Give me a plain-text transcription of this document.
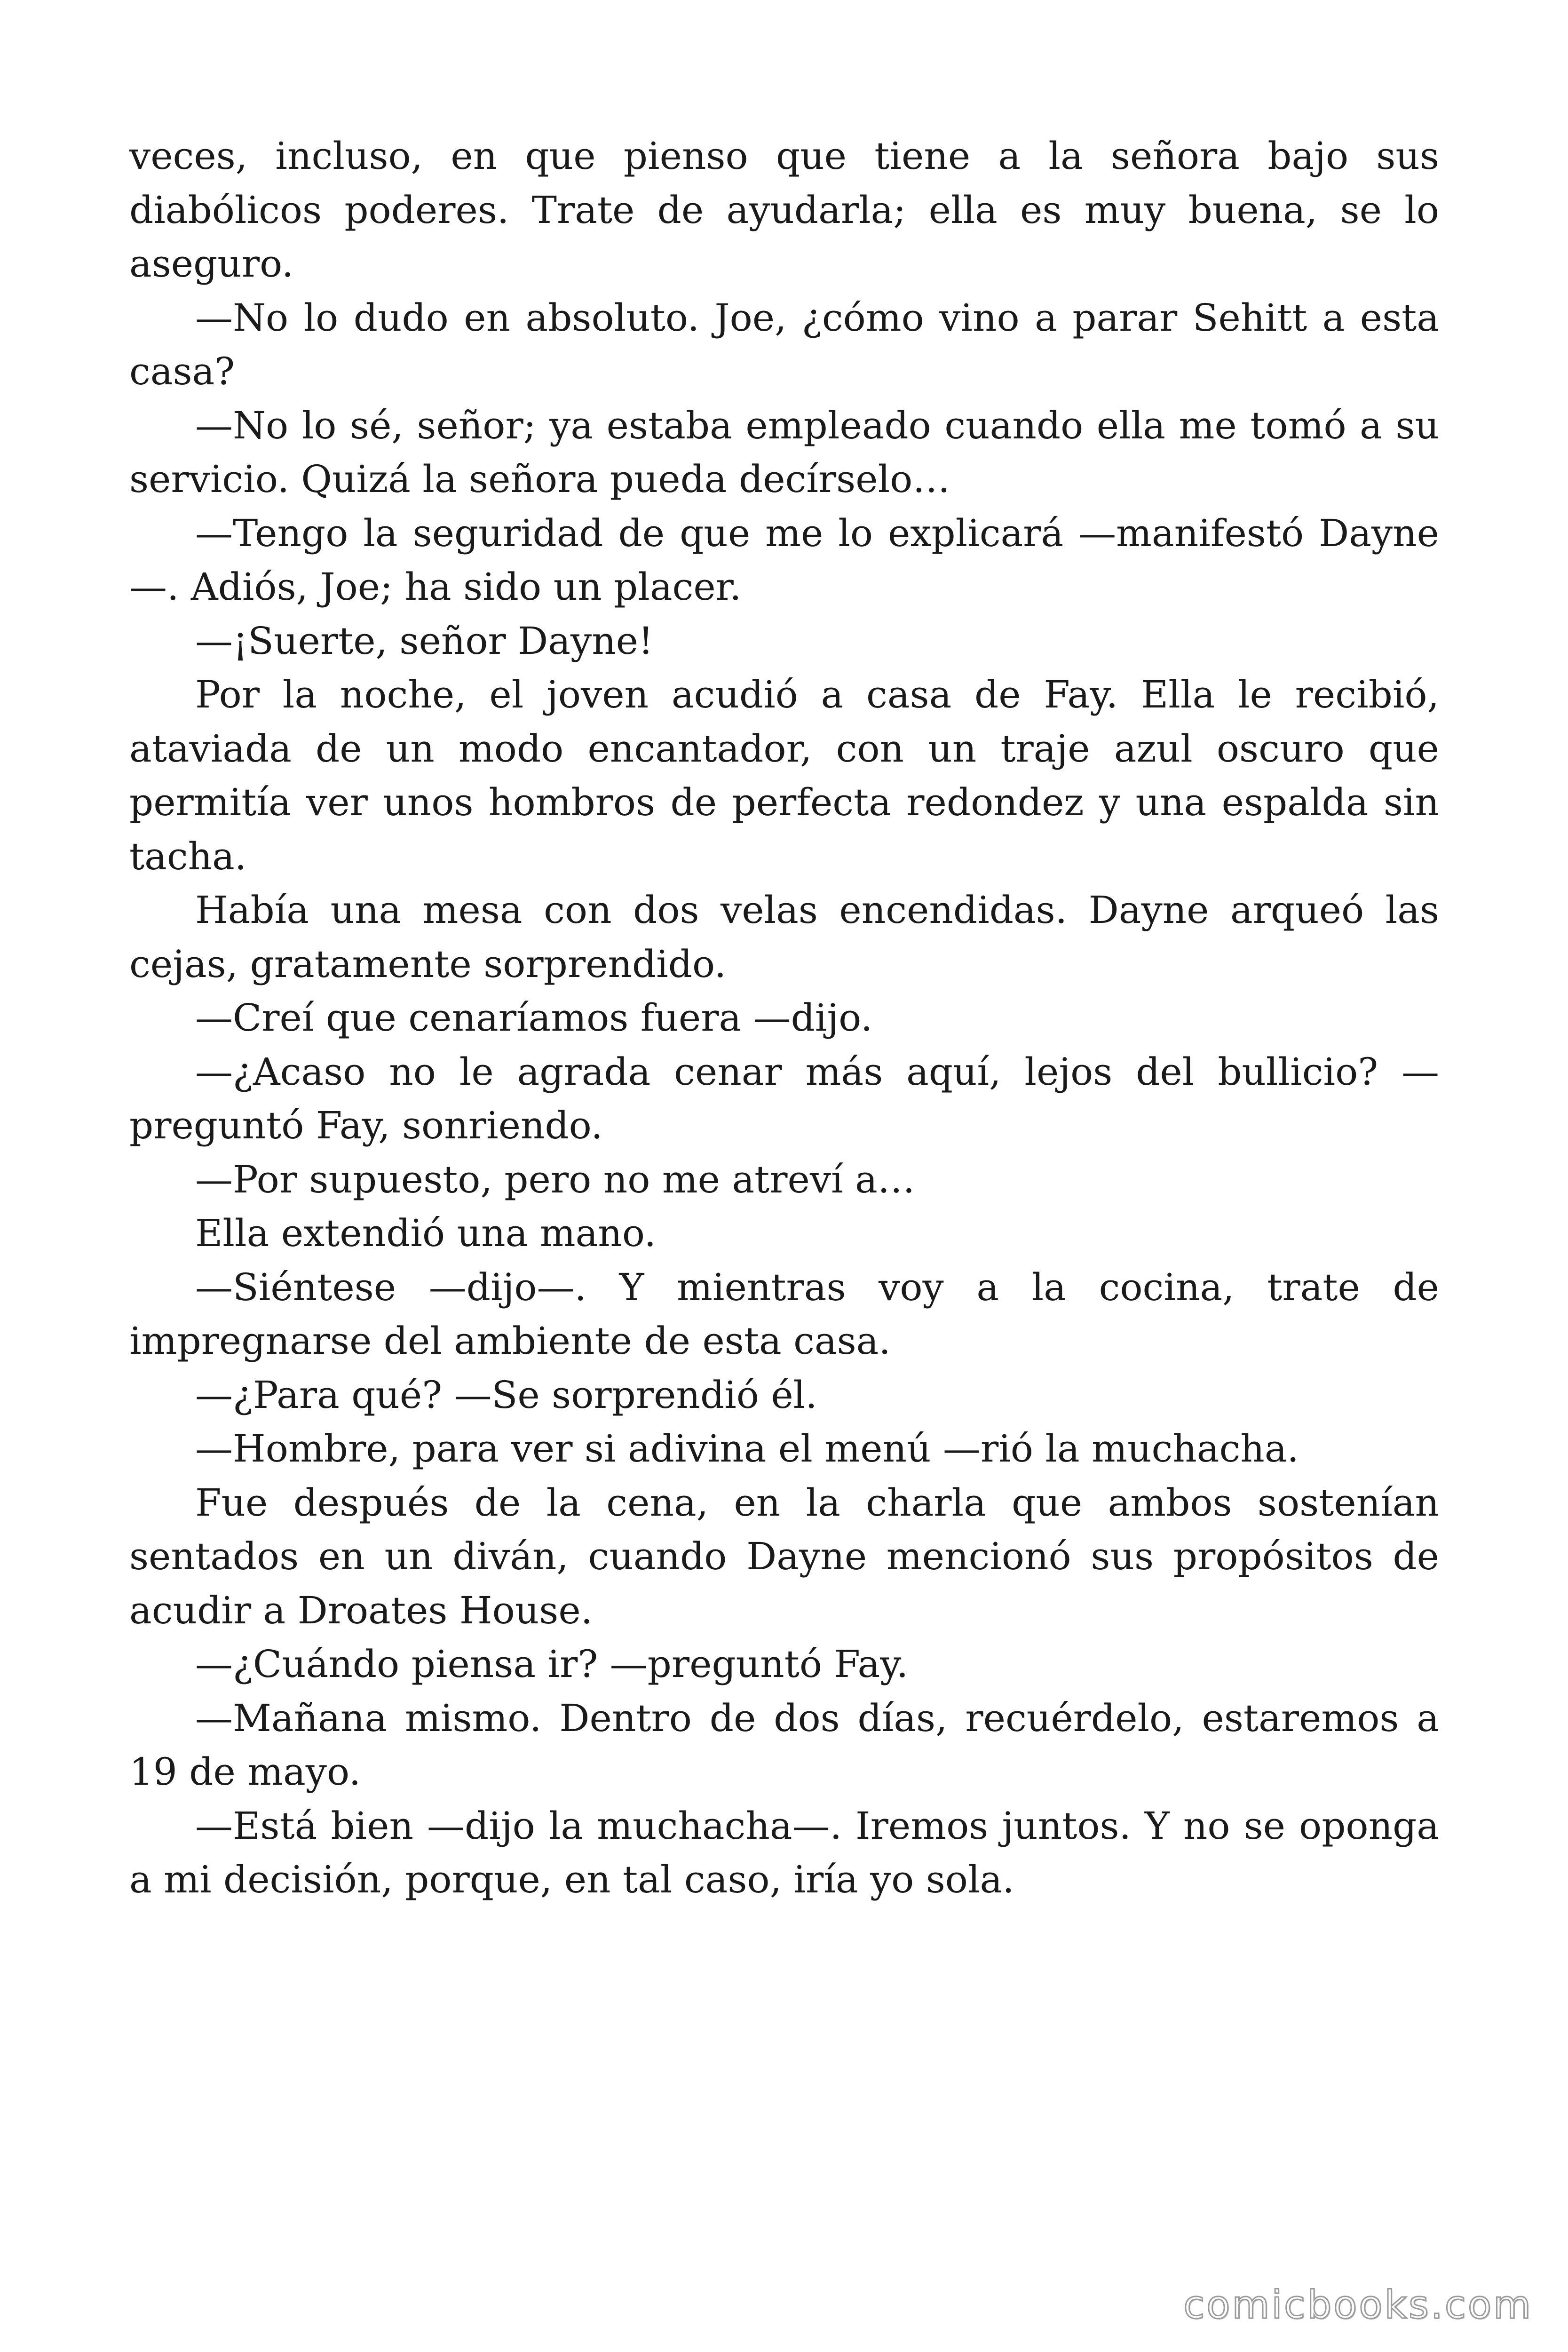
veces, incluso, en que pienso que tiene a la señora bajo sus diabólicos poderes. Trate de ayudarla; ella es muy buena, se lo aseguro.

—No lo dudo en absoluto. Joe, ¿cómo vino a parar Sehitt a esta casa?

—No lo sé, señor; ya estaba empleado cuando ella me tomó a su servicio. Quizá la señora pueda decírselo…

—Tengo la seguridad de que me lo explicará —manifestó Dayne —. Adiós, Joe; ha sido un placer.

—¡Suerte, señor Dayne!

Por la noche, el joven acudió a casa de Fay. Ella le recibió, ataviada de un modo encantador, con un traje azul oscuro que permitía ver unos hombros de perfecta redondez y una espalda sin tacha.

Había una mesa con dos velas encendidas. Dayne arqueó las cejas, gratamente sorprendido.

—Creí que cenaríamos fuera —dijo.

—¿Acaso no le agrada cenar más aquí, lejos del bullicio? — preguntó Fay, sonriendo.

—Por supuesto, pero no me atreví a…

Ella extendió una mano.

—Siéntese —dijo—. Y mientras voy a la cocina, trate de impregnarse del ambiente de esta casa.

—¿Para qué? —Se sorprendió él.

—Hombre, para ver si adivina el menú —rió la muchacha.

Fue después de la cena, en la charla que ambos sostenían sentados en un diván, cuando Dayne mencionó sus propósitos de acudir a Droates House.

—¿Cuándo piensa ir? —preguntó Fay.

—Mañana mismo. Dentro de dos días, recuérdelo, estaremos a 19 de mayo.

—Está bien —dijo la muchacha—. Iremos juntos. Y no se oponga a mi decisión, porque, en tal caso, iría yo sola.

comicbooks.com
